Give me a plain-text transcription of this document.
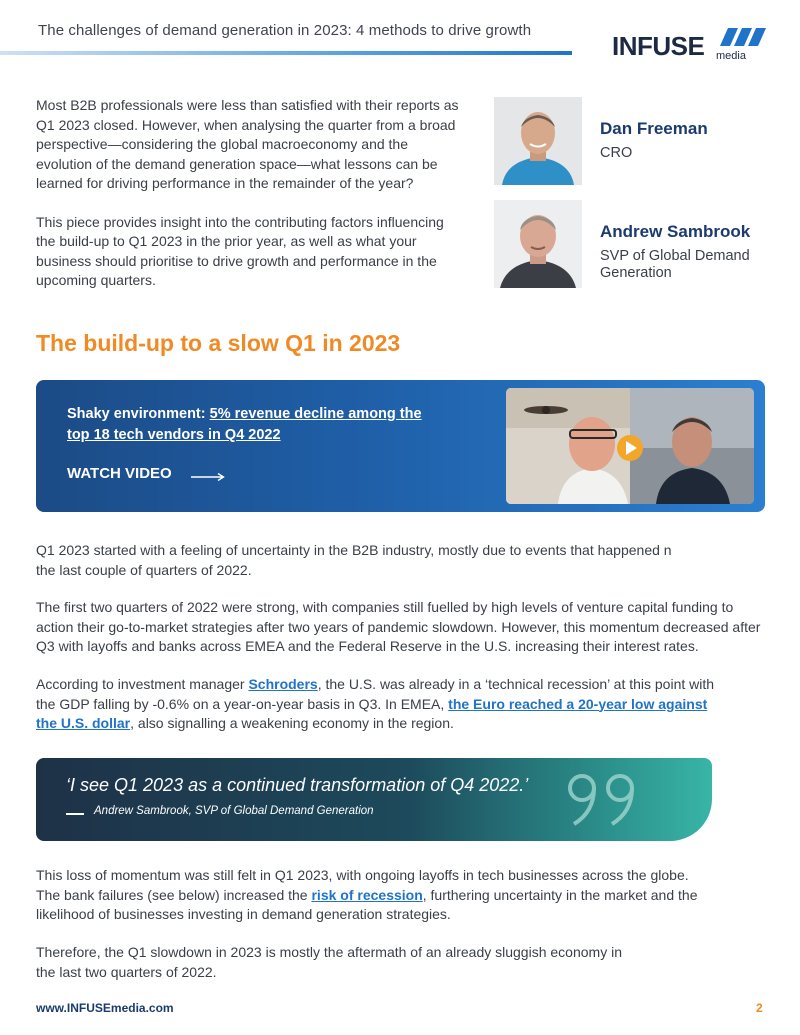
The challenges of demand generation in 2023: 4 methods to drive growth
INFUSE media

Most B2B professionals were less than satisfied with their reports as Q1 2023 closed. However, when analysing the quarter from a broad perspective—considering the global macroeconomy and the evolution of the demand generation space—what lessons can be learned for driving performance in the remainder of the year?

This piece provides insight into the contributing factors influencing the build-up to Q1 2023 in the prior year, as well as what your business should prioritise to drive growth and performance in the upcoming quarters.

Dan Freeman
CRO
Andrew Sambrook
SVP of Global Demand Generation
The build-up to a slow Q1 in 2023
Shaky environment: 5% revenue decline among the top 18 tech vendors in Q4 2022
WATCH VIDEO

Q1 2023 started with a feeling of uncertainty in the B2B industry, mostly due to events that happened n the last couple of quarters of 2022.

The first two quarters of 2022 were strong, with companies still fuelled by high levels of venture capital funding to action their go-to-market strategies after two years of pandemic slowdown. However, this momentum decreased after Q3 with layoffs and banks across EMEA and the Federal Reserve in the U.S. increasing their interest rates.

According to investment manager Schroders, the U.S. was already in a ‘technical recession’ at this point with the GDP falling by -0.6% on a year-on-year basis in Q3. In EMEA, the Euro reached a 20-year low against the U.S. dollar, also signalling a weakening economy in the region.

‘I see Q1 2023 as a continued transformation of Q4 2022.’
Andrew Sambrook, SVP of Global Demand Generation

This loss of momentum was still felt in Q1 2023, with ongoing layoffs in tech businesses across the globe. The bank failures (see below) increased the risk of recession, furthering uncertainty in the market and the likelihood of businesses investing in demand generation strategies.

Therefore, the Q1 slowdown in 2023 is mostly the aftermath of an already sluggish economy in the last two quarters of 2022.

www.INFUSEmedia.com	2
